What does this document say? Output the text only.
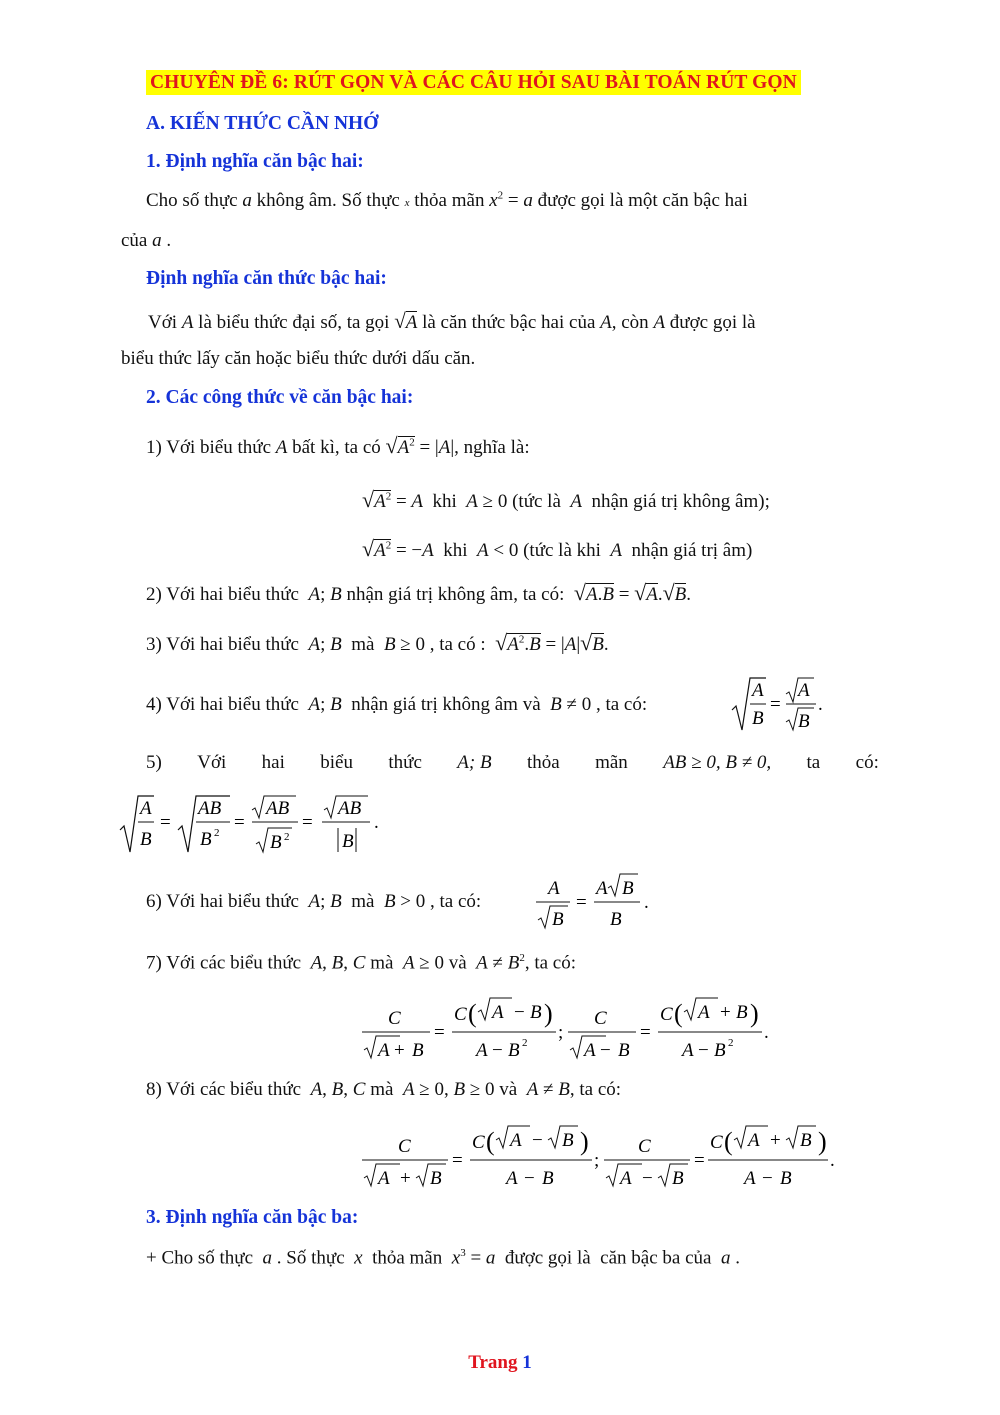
CHUYÊN ĐỀ 6: RÚT GỌN VÀ CÁC CÂU HỎI SAU BÀI TOÁN RÚT GỌN
A. KIẾN THỨC CẦN NHỚ
1. Định nghĩa căn bậc hai:
Cho số thực a không âm. Số thực x thỏa mãn $x^2 = a$ được gọi là một căn bậc hai
của a .
Định nghĩa căn thức bậc hai:
Với A là biểu thức đại số, ta gọi √A là căn thức bậc hai của A, còn A được gọi là
biểu thức lấy căn hoặc biểu thức dưới dấu căn.
2. Các công thức về căn bậc hai:
1) Với biểu thức A bất kì, ta có $√A^2 = |A|$, nghĩa là:
$√A^2 = A$  khi  A ≥ 0 (tức là  A  nhận giá trị không âm);
$√A^2 = -A$  khi  A < 0 (tức là khi  A  nhận giá trị âm)
2) Với hai biểu thức  A; B nhận giá trị không âm, ta có:  √A.B = √A.√B.
3) Với hai biểu thức  A; B  mà  B ≥ 0 , ta có :  $√A^2.B = |A|√B$.
4) Với hai biểu thức  A; B  nhận giá trị không âm và  B ≠ 0 , ta có:
A
B
=
A
B
.
5) Với hai biểu thức A; B thỏa mãn AB ≥ 0, B ≠ 0, ta có:
A
B
=
AB
B 2 =
AB
B 2
=
AB
B
.
6) Với hai biểu thức  A; B  mà  B > 0 , ta có:
A
B
=
A B
B
.
7) Với các biểu thức  A, B, C mà  A ≥ 0 và  $A \ne B^2$, ta có:
C
A + B
=
C ( A − B )
A − B 2 ;
C
A − B
=
C ( A + B )
A − B 2 .
8) Với các biểu thức  A, B, C mà  A ≥ 0, B ≥ 0 và  A ≠ B, ta có:
C
A + B
=
C ( A − B )
A − B
;
C
A − B
=
C ( A + B )
A − B
.
3. Định nghĩa căn bậc ba:
+ Cho số thực  a . Số thực  x  thỏa mãn  $x^3 = a$  được gọi là  căn bậc ba của  a .
Trang 1
